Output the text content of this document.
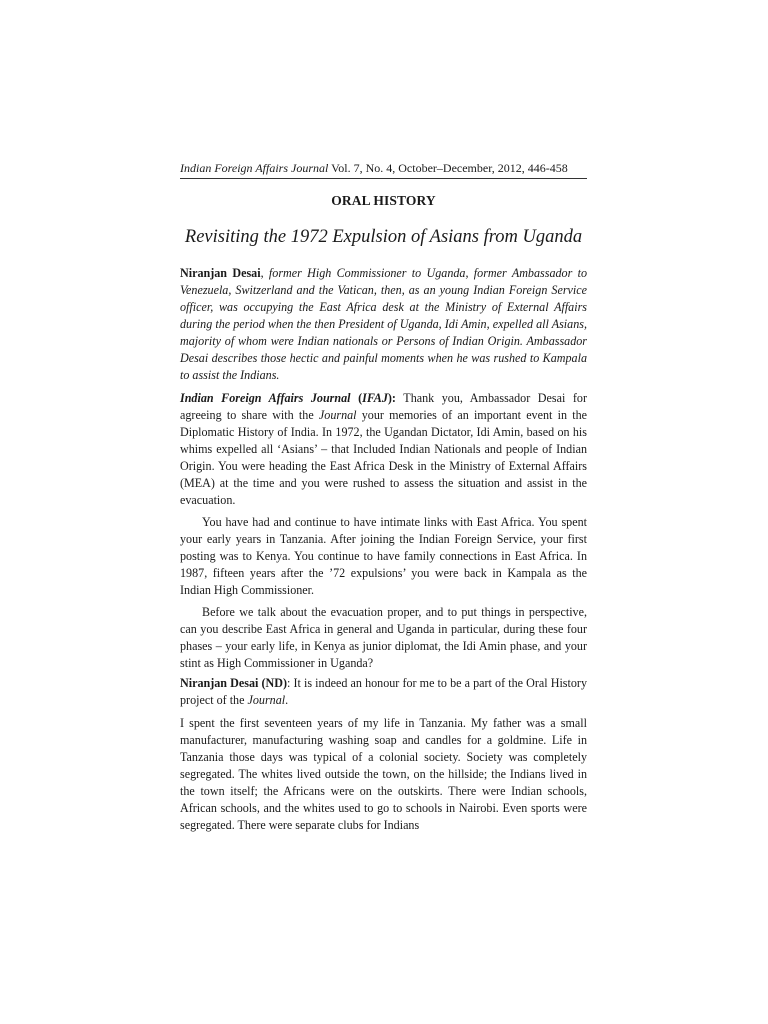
Indian Foreign Affairs Journal Vol. 7, No. 4, October–December, 2012, 446-458
ORAL HISTORY
Revisiting the 1972 Expulsion of Asians from Uganda
Niranjan Desai, former High Commissioner to Uganda, former Ambassador to Venezuela, Switzerland and the Vatican, then, as an young Indian Foreign Service officer, was occupying the East Africa desk at the Ministry of External Affairs during the period when the then President of Uganda, Idi Amin, expelled all Asians, majority of whom were Indian nationals or Persons of Indian Origin. Ambassador Desai describes those hectic and painful moments when he was rushed to Kampala to assist the Indians.

Indian Foreign Affairs Journal (IFAJ): Thank you, Ambassador Desai for agreeing to share with the Journal your memories of an important event in the Diplomatic History of India. In 1972, the Ugandan Dictator, Idi Amin, based on his whims expelled all ‘Asians’ – that Included Indian Nationals and people of Indian Origin. You were heading the East Africa Desk in the Ministry of External Affairs (MEA) at the time and you were rushed to assess the situation and assist in the evacuation.

You have had and continue to have intimate links with East Africa. You spent your early years in Tanzania. After joining the Indian Foreign Service, your first posting was to Kenya. You continue to have family connections in East Africa. In 1987, fifteen years after the ’72 expulsions’ you were back in Kampala as the Indian High Commissioner.

Before we talk about the evacuation proper, and to put things in perspective, can you describe East Africa in general and Uganda in particular, during these four phases – your early life, in Kenya as junior diplomat, the Idi Amin phase, and your stint as High Commissioner in Uganda?

Niranjan Desai (ND): It is indeed an honour for me to be a part of the Oral History project of the Journal.

I spent the first seventeen years of my life in Tanzania. My father was a small manufacturer, manufacturing washing soap and candles for a goldmine. Life in Tanzania those days was typical of a colonial society. Society was completely segregated. The whites lived outside the town, on the hillside; the Indians lived in the town itself; the Africans were on the outskirts. There were Indian schools, African schools, and the whites used to go to schools in Nairobi. Even sports were segregated. There were separate clubs for Indians
